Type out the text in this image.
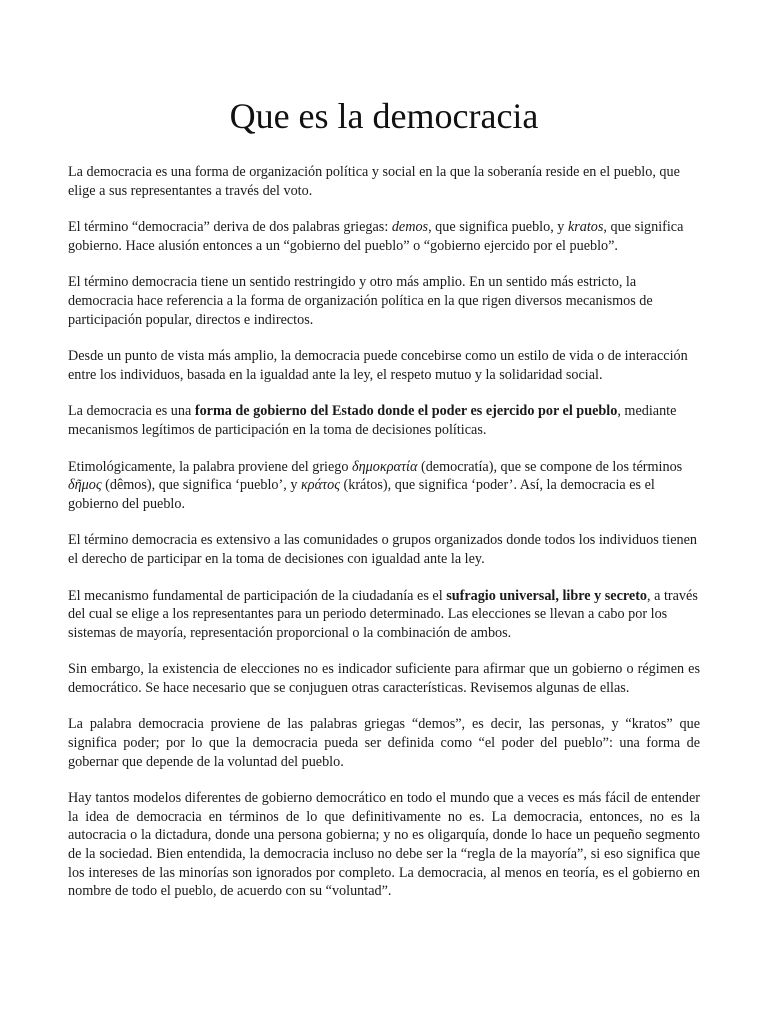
Que es la democracia

La democracia es una forma de organización política y social en la que la soberanía reside en el pueblo, que elige a sus representantes a través del voto.

El término “democracia” deriva de dos palabras griegas: demos, que significa pueblo, y kratos, que significa gobierno. Hace alusión entonces a un “gobierno del pueblo” o “gobierno ejercido por el pueblo”.

El término democracia tiene un sentido restringido y otro más amplio. En un sentido más estricto, la democracia hace referencia a la forma de organización política en la que rigen diversos mecanismos de participación popular, directos e indirectos.

Desde un punto de vista más amplio, la democracia puede concebirse como un estilo de vida o de interacción entre los individuos, basada en la igualdad ante la ley, el respeto mutuo y la solidaridad social.

La democracia es una forma de gobierno del Estado donde el poder es ejercido por el pueblo, mediante mecanismos legítimos de participación en la toma de decisiones políticas.

Etimológicamente, la palabra proviene del griego δημοκρατία (democratía), que se compone de los términos δῆμος (dêmos), que significa ‘pueblo’, y κράτος (krátos), que significa ‘poder’. Así, la democracia es el gobierno del pueblo.

El término democracia es extensivo a las comunidades o grupos organizados donde todos los individuos tienen el derecho de participar en la toma de decisiones con igualdad ante la ley.

El mecanismo fundamental de participación de la ciudadanía es el sufragio universal, libre y secreto, a través del cual se elige a los representantes para un periodo determinado. Las elecciones se llevan a cabo por los sistemas de mayoría, representación proporcional o la combinación de ambos.

Sin embargo, la existencia de elecciones no es indicador suficiente para afirmar que un gobierno o régimen es democrático. Se hace necesario que se conjuguen otras características. Revisemos algunas de ellas.

La palabra democracia proviene de las palabras griegas “demos”, es decir, las personas, y “kratos” que significa poder; por lo que la democracia pueda ser definida como “el poder del pueblo”: una forma de gobernar que depende de la voluntad del pueblo.

Hay tantos modelos diferentes de gobierno democrático en todo el mundo que a veces es más fácil de entender la idea de democracia en términos de lo que definitivamente no es. La democracia, entonces, no es la autocracia o la dictadura, donde una persona gobierna; y no es oligarquía, donde lo hace un pequeño segmento de la sociedad. Bien entendida, la democracia incluso no debe ser la “regla de la mayoría”, si eso significa que los intereses de las minorías son ignorados por completo. La democracia, al menos en teoría, es el gobierno en nombre de todo el pueblo, de acuerdo con su “voluntad”.
